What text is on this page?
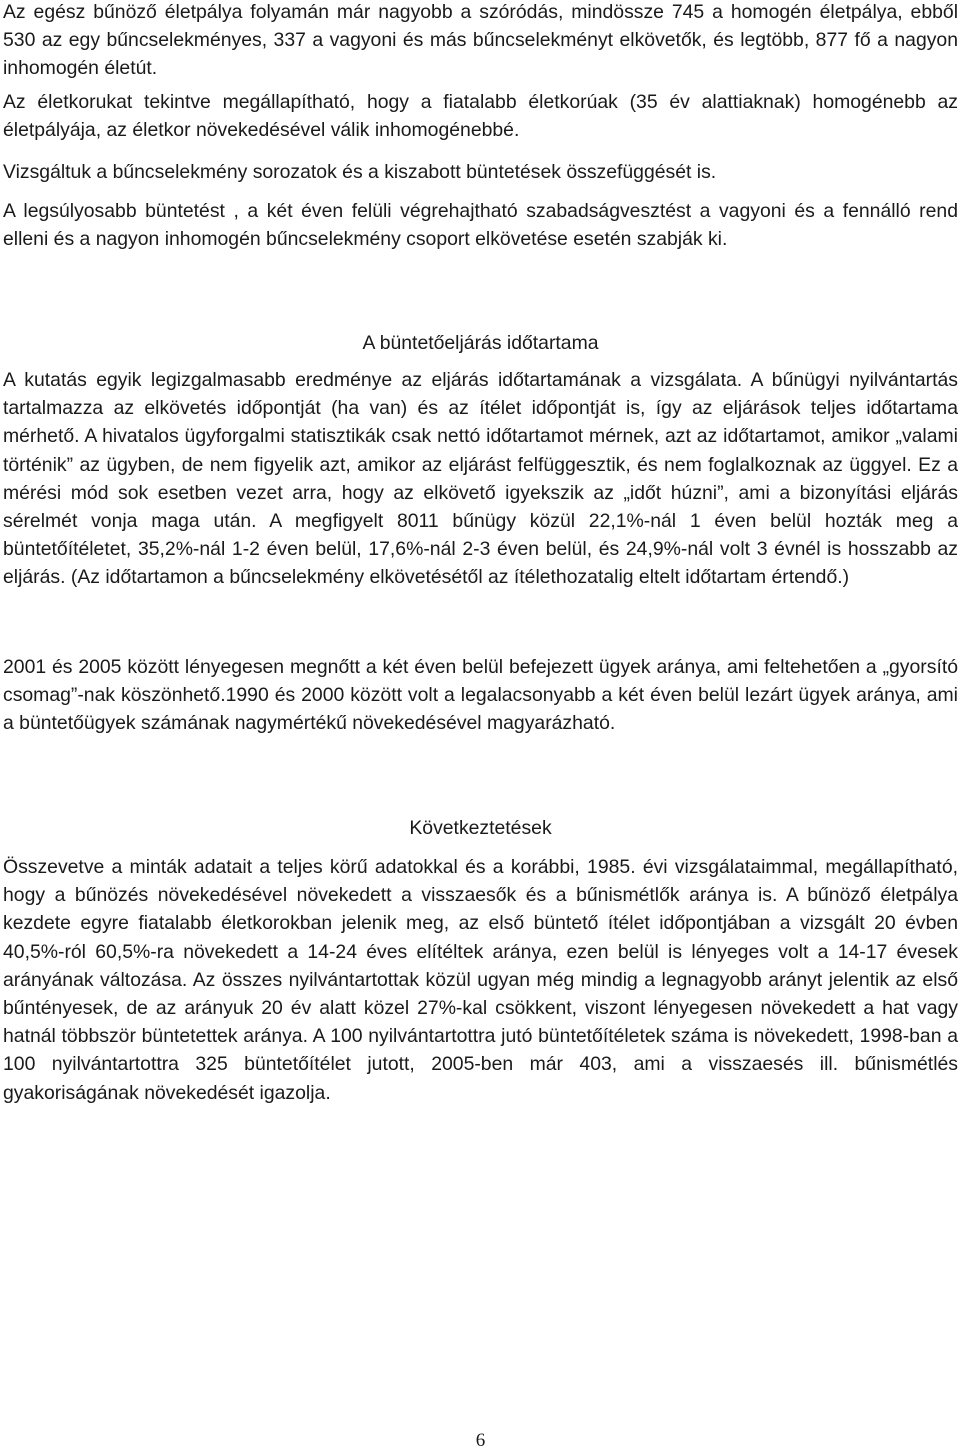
Az egész bűnöző életpálya folyamán már nagyobb a szóródás, mindössze 745 a homogén életpálya, ebből 530 az egy bűncselekményes, 337 a vagyoni és más bűncselekményt elkövetők, és legtöbb, 877 fő a nagyon inhomogén életút.

Az életkorukat tekintve megállapítható, hogy a fiatalabb életkorúak (35 év alattiaknak) homogénebb az életpályája, az életkor növekedésével válik inhomogénebbé.

Vizsgáltuk a bűncselekmény sorozatok és a kiszabott büntetések összefüggését is.

A legsúlyosabb büntetést , a két éven felüli végrehajtható szabadságvesztést a vagyoni és a fennálló rend elleni és a nagyon inhomogén bűncselekmény csoport elkövetése esetén szabják ki.

A büntetőeljárás időtartama

A kutatás egyik legizgalmasabb eredménye az eljárás időtartamának a vizsgálata. A bűnügyi nyilvántartás tartalmazza az elkövetés időpontját (ha van) és az ítélet időpontját is, így az eljárások teljes időtartama mérhető. A hivatalos ügyforgalmi statisztikák csak nettó időtartamot mérnek, azt az időtartamot, amikor „valami történik” az ügyben, de nem figyelik azt, amikor az eljárást felfüggesztik, és nem foglalkoznak az üggyel. Ez a mérési mód sok esetben vezet arra, hogy az elkövető igyekszik az „időt húzni”, ami a bizonyítási eljárás sérelmét vonja maga után. A megfigyelt 8011 bűnügy közül 22,1%-nál 1 éven belül hozták meg a büntetőítéletet, 35,2%-nál 1-2 éven belül, 17,6%-nál 2-3 éven belül, és 24,9%-nál volt 3 évnél is hosszabb az eljárás. (Az időtartamon a bűncselekmény elkövetésétől az ítélethozatalig eltelt időtartam értendő.)

2001 és 2005 között lényegesen megnőtt a két éven belül befejezett ügyek aránya, ami feltehetően a „gyorsító csomag”-nak köszönhető.1990 és 2000 között volt a legalacsonyabb a két éven belül lezárt ügyek aránya, ami a büntetőügyek számának nagymértékű növekedésével magyarázható.

Következtetések

Összevetve a minták adatait a teljes körű adatokkal és a korábbi, 1985. évi vizsgálataimmal, megállapítható, hogy a bűnözés növekedésével növekedett a visszaesők és a bűnismétlők aránya is. A bűnöző életpálya kezdete egyre fiatalabb életkorokban jelenik meg, az első büntető ítélet időpontjában a vizsgált 20 évben 40,5%-ról 60,5%-ra növekedett a 14-24 éves elítéltek aránya, ezen belül is lényeges volt a 14-17 évesek arányának változása. Az összes nyilvántartottak közül ugyan még mindig a legnagyobb arányt jelentik az első bűntényesek, de az arányuk 20 év alatt közel 27%-kal csökkent, viszont lényegesen növekedett a hat vagy hatnál többször büntetettek aránya. A 100 nyilvántartottra jutó büntetőítéletek száma is növekedett, 1998-ban a 100 nyilvántartottra 325 büntetőítélet jutott, 2005-ben már 403, ami a visszaesés ill. bűnismétlés gyakoriságának növekedését igazolja.

6
